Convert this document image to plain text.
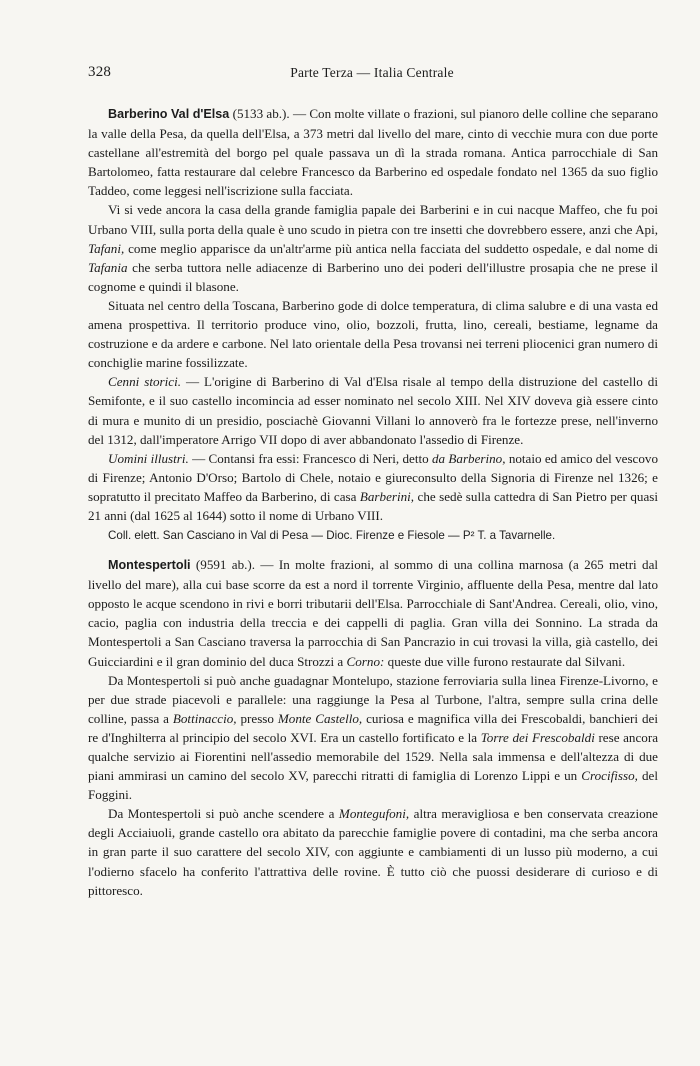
328	Parte Terza — Italia Centrale

Barberino Val d'Elsa (5133 ab.). — Con molte villate o frazioni, sul pianoro delle colline che separano la valle della Pesa, da quella dell'Elsa, a 373 metri dal livello del mare, cinto di vecchie mura con due porte castellane all'estremità del borgo pel quale passava un dì la strada romana. Antica parrocchiale di San Bartolomeo, fatta restaurare dal celebre Francesco da Barberino ed ospedale fondato nel 1365 da suo figlio Taddeo, come leggesi nell'iscrizione sulla facciata.

Vi si vede ancora la casa della grande famiglia papale dei Barberini e in cui nacque Maffeo, che fu poi Urbano VIII, sulla porta della quale è uno scudo in pietra con tre insetti che dovrebbero essere, anzi che Api, Tafani, come meglio apparisce da un'altr'arme più antica nella facciata del suddetto ospedale, e dal nome di Tafania che serba tuttora nelle adiacenze di Barberino uno dei poderi dell'illustre prosapia che ne prese il cognome e quindi il blasone.

Situata nel centro della Toscana, Barberino gode di dolce temperatura, di clima salubre e di una vasta ed amena prospettiva. Il territorio produce vino, olio, bozzoli, frutta, lino, cereali, bestiame, legname da costruzione e da ardere e carbone. Nel lato orientale della Pesa trovansi nei terreni pliocenici gran numero di conchiglie marine fossilizzate.

Cenni storici. — L'origine di Barberino di Val d'Elsa risale al tempo della distruzione del castello di Semifonte, e il suo castello incomincia ad esser nominato nel secolo XIII. Nel XIV doveva già essere cinto di mura e munito di un presidio, posciachè Giovanni Villani lo annoverò fra le fortezze prese, nell'inverno del 1312, dall'imperatore Arrigo VII dopo di aver abbandonato l'assedio di Firenze.

Uomini illustri. — Contansi fra essi: Francesco di Neri, detto da Barberino, notaio ed amico del vescovo di Firenze; Antonio D'Orso; Bartolo di Chele, notaio e giureconsulto della Signoria di Firenze nel 1326; e sopratutto il precitato Maffeo da Barberino, di casa Barberini, che sedè sulla cattedra di San Pietro per quasi 21 anni (dal 1625 al 1644) sotto il nome di Urbano VIII.

Coll. elett. San Casciano in Val di Pesa — Dioc. Firenze e Fiesole — P² T. a Tavarnelle.

Montespertoli (9591 ab.). — In molte frazioni, al sommo di una collina marnosa (a 265 metri dal livello del mare), alla cui base scorre da est a nord il torrente Virginio, affluente della Pesa, mentre dal lato opposto le acque scendono in rivi e borri tributarii dell'Elsa. Parrocchiale di Sant'Andrea. Cereali, olio, vino, cacio, paglia con industria della treccia e dei cappelli di paglia. Gran villa dei Sonnino. La strada da Montespertoli a San Casciano traversa la parrocchia di San Pancrazio in cui trovasi la villa, già castello, dei Guicciardini e il gran dominio del duca Strozzi a Corno: queste due ville furono restaurate dal Silvani.

Da Montespertoli si può anche guadagnar Montelupo, stazione ferroviaria sulla linea Firenze-Livorno, e per due strade piacevoli e parallele: una raggiunge la Pesa al Turbone, l'altra, sempre sulla crina delle colline, passa a Bottinaccio, presso Monte Castello, curiosa e magnifica villa dei Frescobaldi, banchieri dei re d'Inghilterra al principio del secolo XVI. Era un castello fortificato e la Torre dei Frescobaldi rese ancora qualche servizio ai Fiorentini nell'assedio memorabile del 1529. Nella sala immensa e dell'altezza di due piani ammirasi un camino del secolo XV, parecchi ritratti di famiglia di Lorenzo Lippi e un Crocifisso, del Foggini.

Da Montespertoli si può anche scendere a Montegufoni, altra meravigliosa e ben conservata creazione degli Acciaiuoli, grande castello ora abitato da parecchie famiglie povere di contadini, ma che serba ancora in gran parte il suo carattere del secolo XIV, con aggiunte e cambiamenti di un lusso più moderno, a cui l'odierno sfacelo ha conferito l'attrattiva delle rovine. È tutto ciò che puossi desiderare di curioso e di pittoresco.
